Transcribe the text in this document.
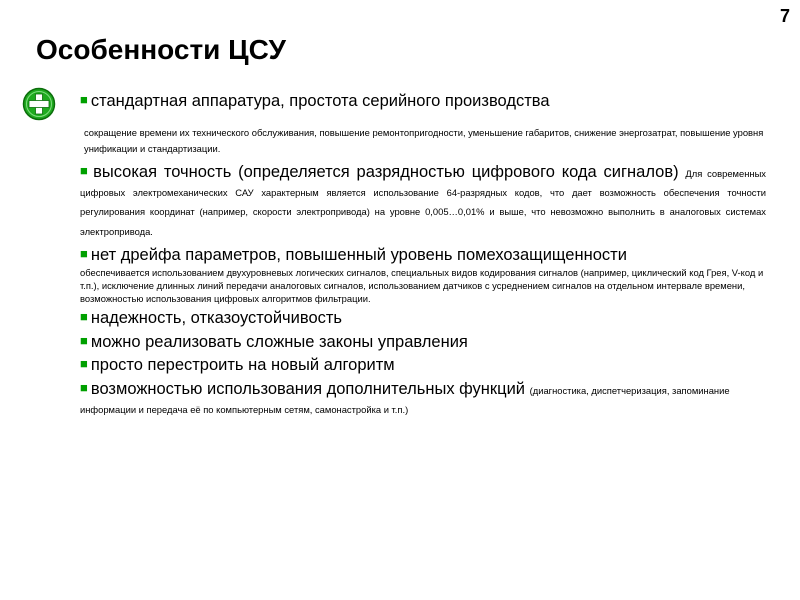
7
Особенности ЦСУ

■ стандартная аппаратура, простота серийного производства

сокращение времени их технического обслуживания, повышение ремонтопригодности, уменьшение габаритов, снижение энергозатрат, повышение уровня унификации и стандартизации.

■ высокая точность (определяется разрядностью цифрового кода сигналов) Для современных цифровых электромеханических САУ характерным является использование 64-разрядных кодов, что дает возможность обеспечения точности регулирования координат (например, скорости электропривода) на уровне 0,005…0,01% и выше, что невозможно выполнить в аналоговых системах электропривода.

■ нет дрейфа параметров, повышенный уровень помехозащищенности

обеспечивается использованием двухуровневых логических сигналов, специальных видов кодирования сигналов (например, циклический код Грея, V-код и т.п.), исключение длинных линий передачи аналоговых сигналов, использованием датчиков с усреднением сигналов на отдельном интервале времени, возможностью использования цифровых алгоритмов фильтрации.

■ надежность, отказоустойчивость

■ можно реализовать сложные законы управления

■ просто перестроить на новый алгоритм

■ возможностью использования дополнительных функций (диагностика, диспетчеризация, запоминание информации и передача её по компьютерным сетям, самонастройка и т.п.)
